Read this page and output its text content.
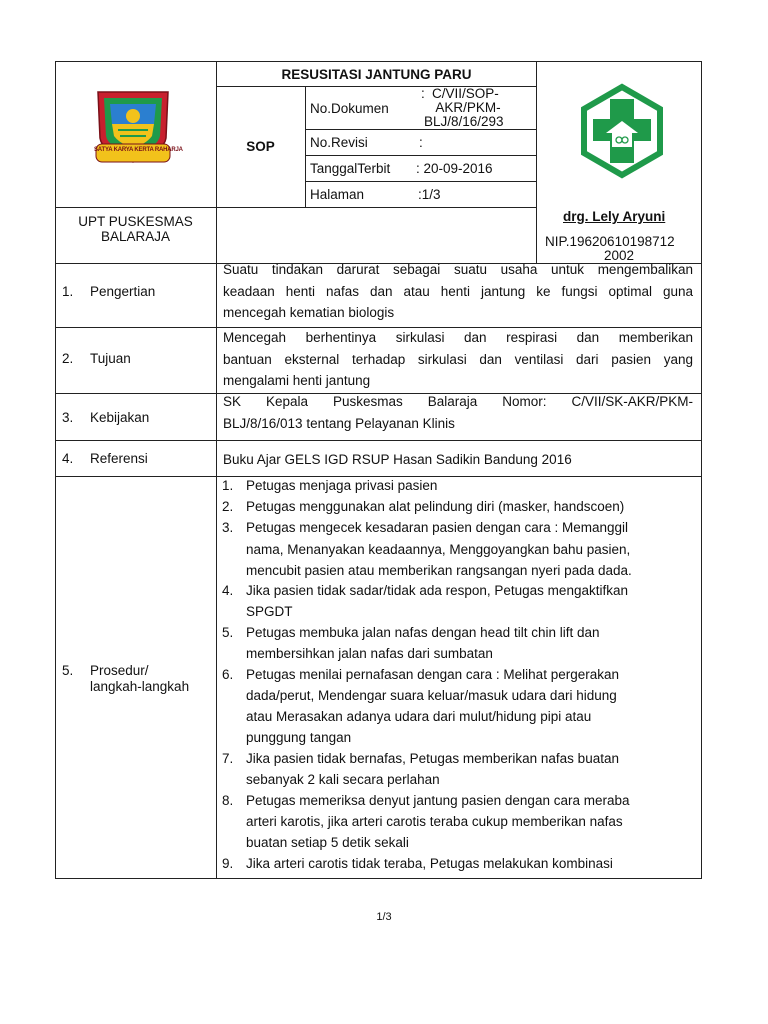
SATYA KARYA KERTA RAHARJA
RESUSITASI JANTUNG PARU
SOP
No.Dokumen
: C/VII/SOP-
AKR/PKM-
BLJ/8/16/293
No.Revisi	:
TanggalTerbit : 20-09-2016
Halaman	:1/3
UPT PUSKESMAS
BALARAJA
drg. Lely Aryuni
NIP.19620610198712
2002
1. Pengertian
2. Tujuan
3. Kebijakan
4. Referensi
5. Prosedur/
langkah-langkah
Suatu tindakan darurat sebagai suatu usaha untuk mengembalikan
keadaan henti nafas dan atau henti jantung ke fungsi optimal guna
mencegah kematian biologis
Mencegah berhentinya sirkulasi dan respirasi dan memberikan
bantuan eksternal terhadap sirkulasi dan ventilasi dari pasien yang
mengalami henti jantung
SK Kepala Puskesmas Balaraja Nomor: C/VII/SK-AKR/PKM-
BLJ/8/16/013 tentang Pelayanan Klinis
Buku Ajar GELS IGD RSUP Hasan Sadikin Bandung 2016
1. Petugas menjaga privasi pasien
2. Petugas menggunakan alat pelindung diri (masker, handscoen)
3. Petugas mengecek kesadaran pasien dengan cara : Memanggil
nama, Menanyakan keadaannya, Menggoyangkan bahu pasien,
mencubit pasien atau memberikan rangsangan nyeri pada dada.
4. Jika pasien tidak sadar/tidak ada respon, Petugas mengaktifkan
SPGDT
5. Petugas membuka jalan nafas dengan head tilt chin lift dan
membersihkan jalan nafas dari sumbatan
6. Petugas menilai pernafasan dengan cara : Melihat pergerakan
dada/perut, Mendengar suara keluar/masuk udara dari hidung
atau Merasakan adanya udara dari mulut/hidung pipi atau
punggung tangan
7. Jika pasien tidak bernafas, Petugas memberikan nafas buatan
sebanyak 2 kali secara perlahan
8. Petugas memeriksa denyut jantung pasien dengan cara meraba
arteri karotis, jika arteri carotis teraba cukup memberikan nafas
buatan setiap 5 detik sekali
9. Jika arteri carotis tidak teraba, Petugas melakukan kombinasi
1/3
